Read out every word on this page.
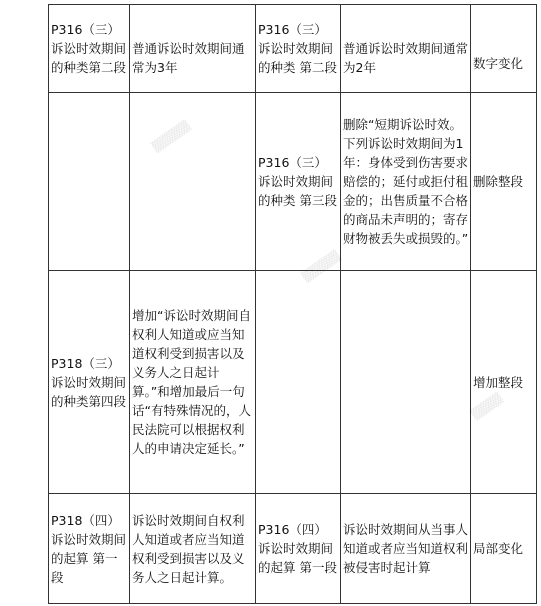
▒▒▒▒▒
▒▒▒▒▒
▒▒▒▒
P316（三）诉讼时效期间的种类第二段	普通诉讼时效期间通常为3年	P316（三）诉讼时效期间的种类 第二段	普通诉讼时效期间通常为2年	数字变化
		P316（三）诉讼时效期间的种类 第三段	删除“短期诉讼时效。下列诉讼时效期间为1年：身体受到伤害要求赔偿的；延付或拒付租金的；出售质量不合格的商品未声明的；寄存财物被丢失或损毁的。”	删除整段
P318（三）诉讼时效期间的种类第四段	增加“诉讼时效期间自权利人知道或应当知道权利受到损害以及义务人之日起计算。”和增加最后一句话“有特殊情况的，人民法院可以根据权利人的申请决定延长。”			增加整段
P318（四）诉讼时效期间的起算 第一段	诉讼时效期间自权利人知道或者应当知道权利受到损害以及义务人之日起计算。	P316（四）诉讼时效期间的起算 第一段	诉讼时效期间从当事人知道或者应当知道权利被侵害时起计算	局部变化
